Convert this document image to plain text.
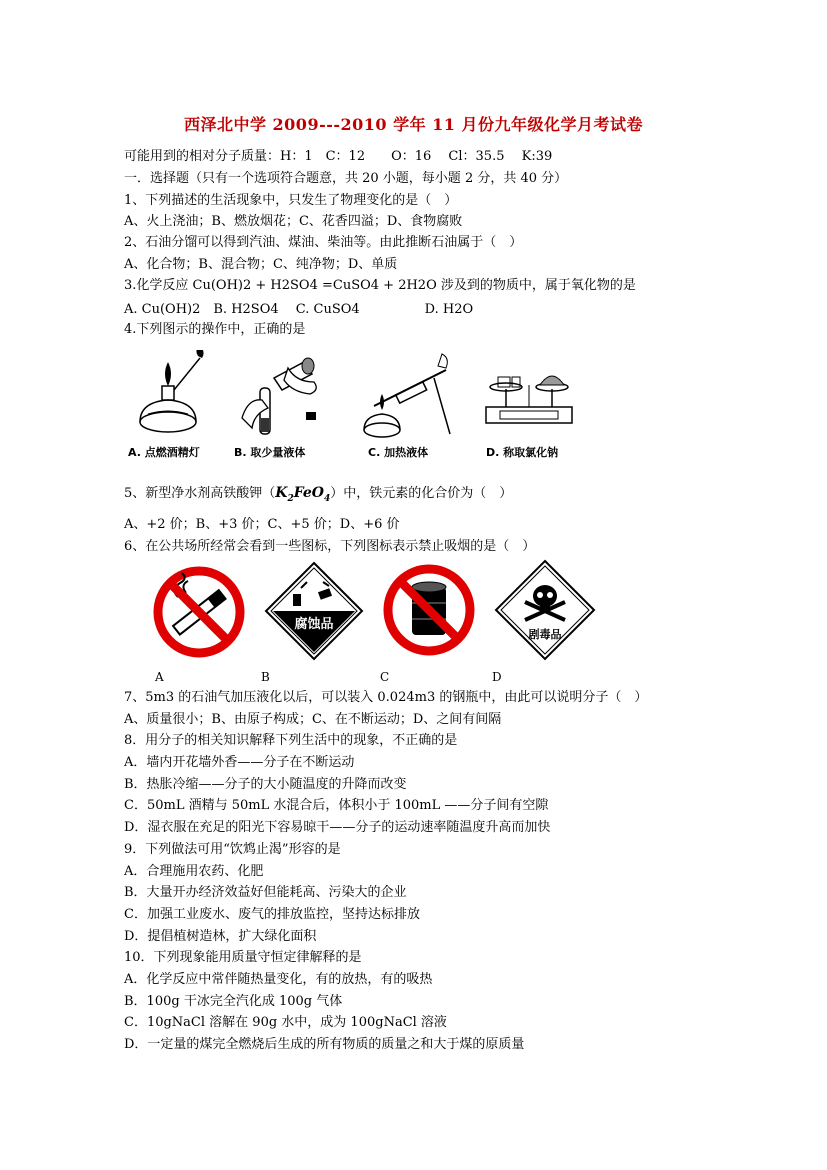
西泽北中学 2009---2010 学年 11 月份九年级化学月考试卷
可能用到的相对分子质量：H：1　C：12　　O：16　 Cl：35.5　 K:39
一．选择题（只有一个选项符合题意，共 20 小题，每小题 2 分，共 40 分）
1、下列描述的生活现象中，只发生了物理变化的是（　）
A、火上浇油；B、燃放烟花；C、花香四溢；D、食物腐败
2、石油分馏可以得到汽油、煤油、柴油等。由此推断石油属于（　）
A、化合物；B、混合物；C、纯净物；D、单质
3.化学反应 Cu(OH)2 + H2SO4 =CuSO4 + 2H2O 涉及到的物质中，属于氧化物的是
A. Cu(OH)2　B. H2SO4　 C. CuSO4　　　　　D. H2O
4.下列图示的操作中，正确的是
A. 点燃酒精灯	B. 取少量液体	C. 加热液体	D. 称取氯化钠
5、新型净水剂高铁酸钾$(K_2FeO_4)$中，铁元素的化合价为（　）
A、+2 价；B、+3 价；C、+5 价；D、+6 价
6、在公共场所经常会看到一些图标，下列图标表示禁止吸烟的是（　）
腐蚀品
剧毒品
A	B	C	D
7、5m3 的石油气加压液化以后，可以装入 0.024m3 的钢瓶中，由此可以说明分子（　）
A、质量很小；B、由原子构成；C、在不断运动；D、之间有间隔
8．用分子的相关知识解释下列生活中的现象，不正确的是
A．墙内开花墙外香——分子在不断运动
B．热胀冷缩——分子的大小随温度的升降而改变
C．50mL 酒精与 50mL 水混合后，体积小于 100mL ——分子间有空隙
D．湿衣服在充足的阳光下容易晾干——分子的运动速率随温度升高而加快
9．下列做法可用“饮鸩止渴”形容的是
A．合理施用农药、化肥
B．大量开办经济效益好但能耗高、污染大的企业
C．加强工业废水、废气的排放监控，坚持达标排放
D．提倡植树造林，扩大绿化面积
10．下列现象能用质量守恒定律解释的是
A．化学反应中常伴随热量变化，有的放热，有的吸热
B．100g 干冰完全汽化成 100g 气体
C．10gNaCl 溶解在 90g 水中，成为 100gNaCl 溶液
D．一定量的煤完全燃烧后生成的所有物质的质量之和大于煤的原质量
